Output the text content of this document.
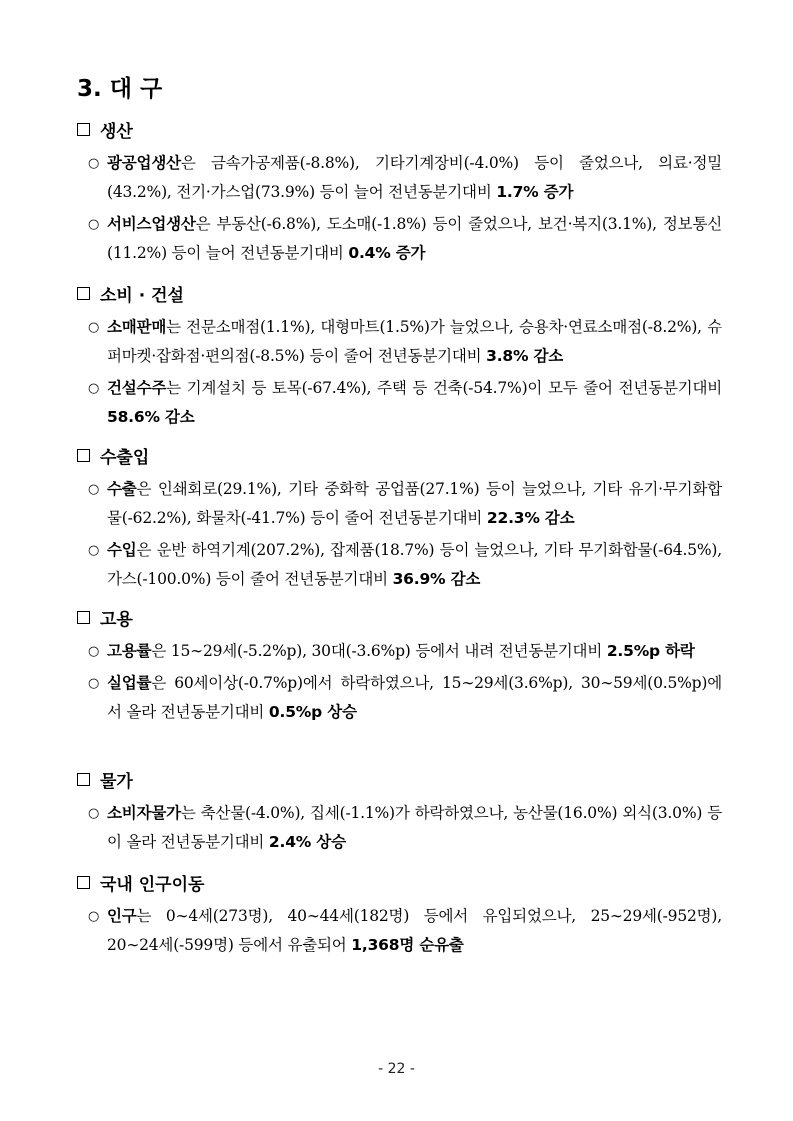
3. 대 구
생산
○ 광공업생산은 금속가공제품(-8.8%), 기타기계장비(-4.0%) 등이 줄었으나, 의료·정밀(43.2%), 전기·가스업(73.9%) 등이 늘어 전년동분기대비 1.7% 증가
○ 서비스업생산은 부동산(-6.8%), 도소매(-1.8%) 등이 줄었으나, 보건·복지(3.1%), 정보통신(11.2%) 등이 늘어 전년동분기대비 0.4% 증가
소비 · 건설
○ 소매판매는 전문소매점(1.1%), 대형마트(1.5%)가 늘었으나, 승용차·연료소매점(-8.2%), 슈퍼마켓·잡화점·편의점(-8.5%) 등이 줄어 전년동분기대비 3.8% 감소
○ 건설수주는 기계설치 등 토목(-67.4%), 주택 등 건축(-54.7%)이 모두 줄어 전년동분기대비 58.6% 감소
수출입
○ 수출은 인쇄회로(29.1%), 기타 중화학 공업품(27.1%) 등이 늘었으나, 기타 유기·무기화합물(-62.2%), 화물차(-41.7%) 등이 줄어 전년동분기대비 22.3% 감소
○ 수입은 운반 하역기계(207.2%), 잡제품(18.7%) 등이 늘었으나, 기타 무기화합물(-64.5%), 가스(-100.0%) 등이 줄어 전년동분기대비 36.9% 감소
고용
○ 고용률은 15∼29세(-5.2%p), 30대(-3.6%p) 등에서 내려 전년동분기대비 2.5%p 하락
○ 실업률은 60세이상(-0.7%p)에서 하락하였으나, 15∼29세(3.6%p), 30∼59세(0.5%p)에서 올라 전년동분기대비 0.5%p 상승
물가
○ 소비자물가는 축산물(-4.0%), 집세(-1.1%)가 하락하였으나, 농산물(16.0%) 외식(3.0%) 등이 올라 전년동분기대비 2.4% 상승
국내 인구이동
○ 인구는 0∼4세(273명), 40∼44세(182명) 등에서 유입되었으나, 25∼29세(-952명), 20∼24세(-599명) 등에서 유출되어 1,368명 순유출
- 22 -
